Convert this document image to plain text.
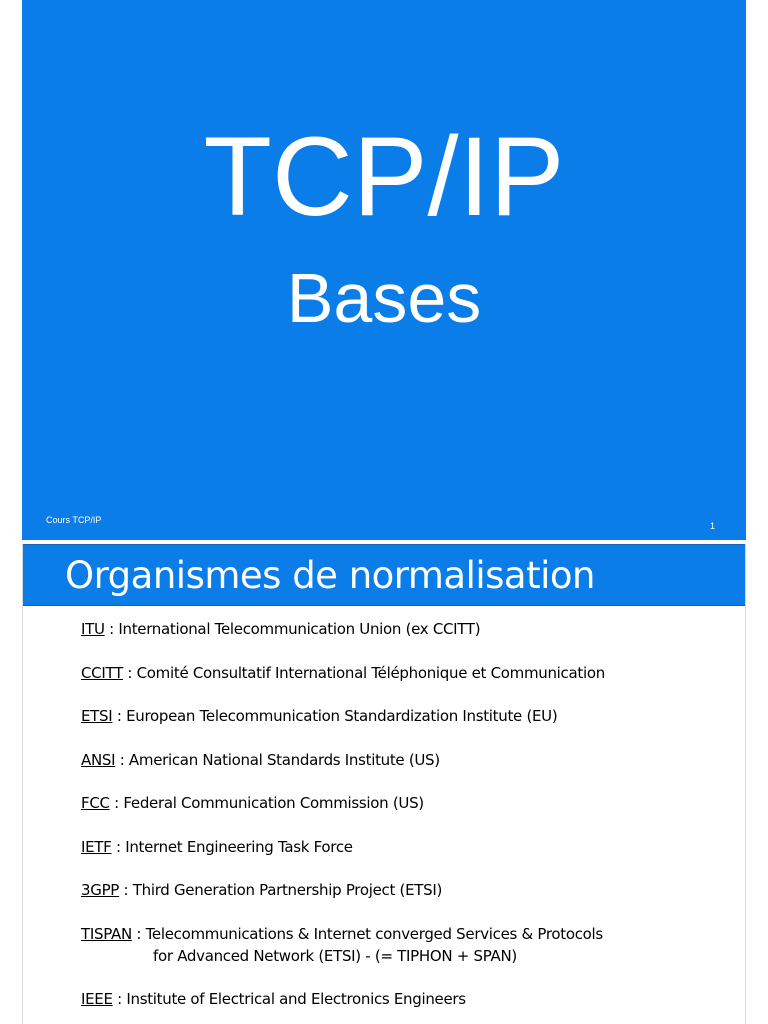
TCP/IP
Bases
Cours TCP/IP
1
Organismes de normalisation
ITU : International Telecommunication Union (ex CCITT)
CCITT : Comité Consultatif International Téléphonique et Communication
ETSI : European Telecommunication Standardization Institute (EU)
ANSI : American National Standards Institute (US)
FCC : Federal Communication Commission (US)
IETF : Internet Engineering Task Force
3GPP : Third Generation Partnership Project (ETSI)
TISPAN : Telecommunications & Internet converged Services & Protocols
for Advanced Network (ETSI) - (= TIPHON + SPAN)
IEEE : Institute of Electrical and Electronics Engineers
